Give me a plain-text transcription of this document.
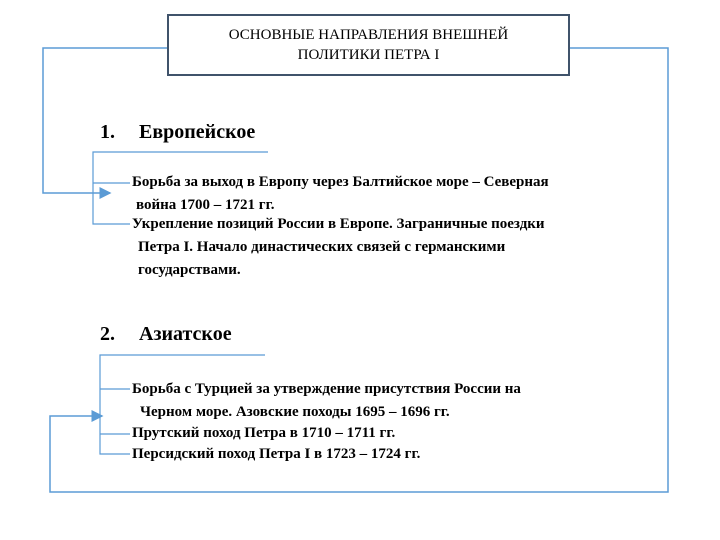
ОСНОВНЫЕ НАПРАВЛЕНИЯ ВНЕШНЕЙ
ПОЛИТИКИ ПЕТРА I
1. Европейское
Борьба за выход в Европу через Балтийское море – Северная
война 1700 – 1721 гг.
Укрепление позиций России в Европе. Заграничные поездки
Петра I. Начало династических связей с германскими
государствами.
2. Азиатское
Борьба с Турцией за утверждение присутствия России на
Черном море. Азовские походы 1695 – 1696 гг.
Прутский поход Петра в 1710 – 1711 гг.
Персидский поход Петра I в 1723 – 1724 гг.
